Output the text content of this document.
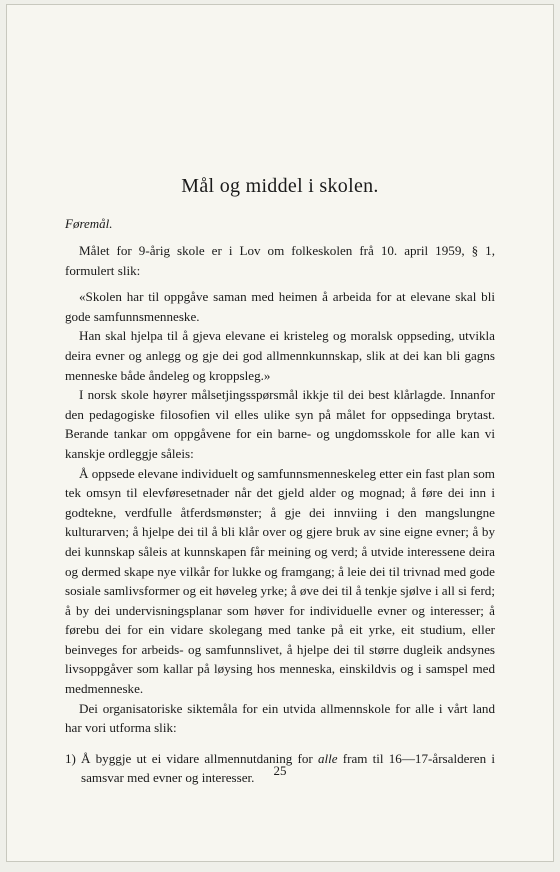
Mål og middel i skolen.
Føremål.

Målet for 9-årig skole er i Lov om folkeskolen frå 10. april 1959, § 1, formulert slik:

«Skolen har til oppgåve saman med heimen å arbeida for at elevane skal bli gode samfunnsmenneske.

Han skal hjelpa til å gjeva elevane ei kristeleg og moralsk oppseding, utvikla deira evner og anlegg og gje dei god allmennkunnskap, slik at dei kan bli gagns menneske både åndeleg og kroppsleg.»

I norsk skole høyrer målsetjingsspørsmål ikkje til dei best klårlagde. Innanfor den pedagogiske filosofien vil elles ulike syn på målet for oppsedinga brytast. Berande tankar om oppgåvene for ein barne- og ungdomsskole for alle kan vi kanskje ordleggje såleis:

Å oppsede elevane individuelt og samfunnsmenneskeleg etter ein fast plan som tek omsyn til elevføresetnader når det gjeld alder og mognad; å føre dei inn i godtekne, verdfulle åtferdsmønster; å gje dei innviing i den mangslungne kulturarven; å hjelpe dei til å bli klår over og gjere bruk av sine eigne evner; å by dei kunnskap såleis at kunnskapen får meining og verd; å utvide interessene deira og dermed skape nye vilkår for lukke og framgang; å leie dei til trivnad med gode sosiale samlivsformer og eit høveleg yrke; å øve dei til å tenkje sjølve i all si ferd; å by dei undervisningsplanar som høver for individuelle evner og interesser; å førebu dei for ein vidare skolegang med tanke på eit yrke, eit studium, eller beinveges for arbeids- og samfunnslivet, å hjelpe dei til større dugleik andsynes livsoppgåver som kallar på løysing hos menneska, einskildvis og i samspel med medmenneske.

Dei organisatoriske siktemåla for ein utvida allmennskole for alle i vårt land har vori utforma slik:

1) Å byggje ut ei vidare allmennutdaning for alle fram til 16—17-årsalderen i samsvar med evner og interesser.	25
